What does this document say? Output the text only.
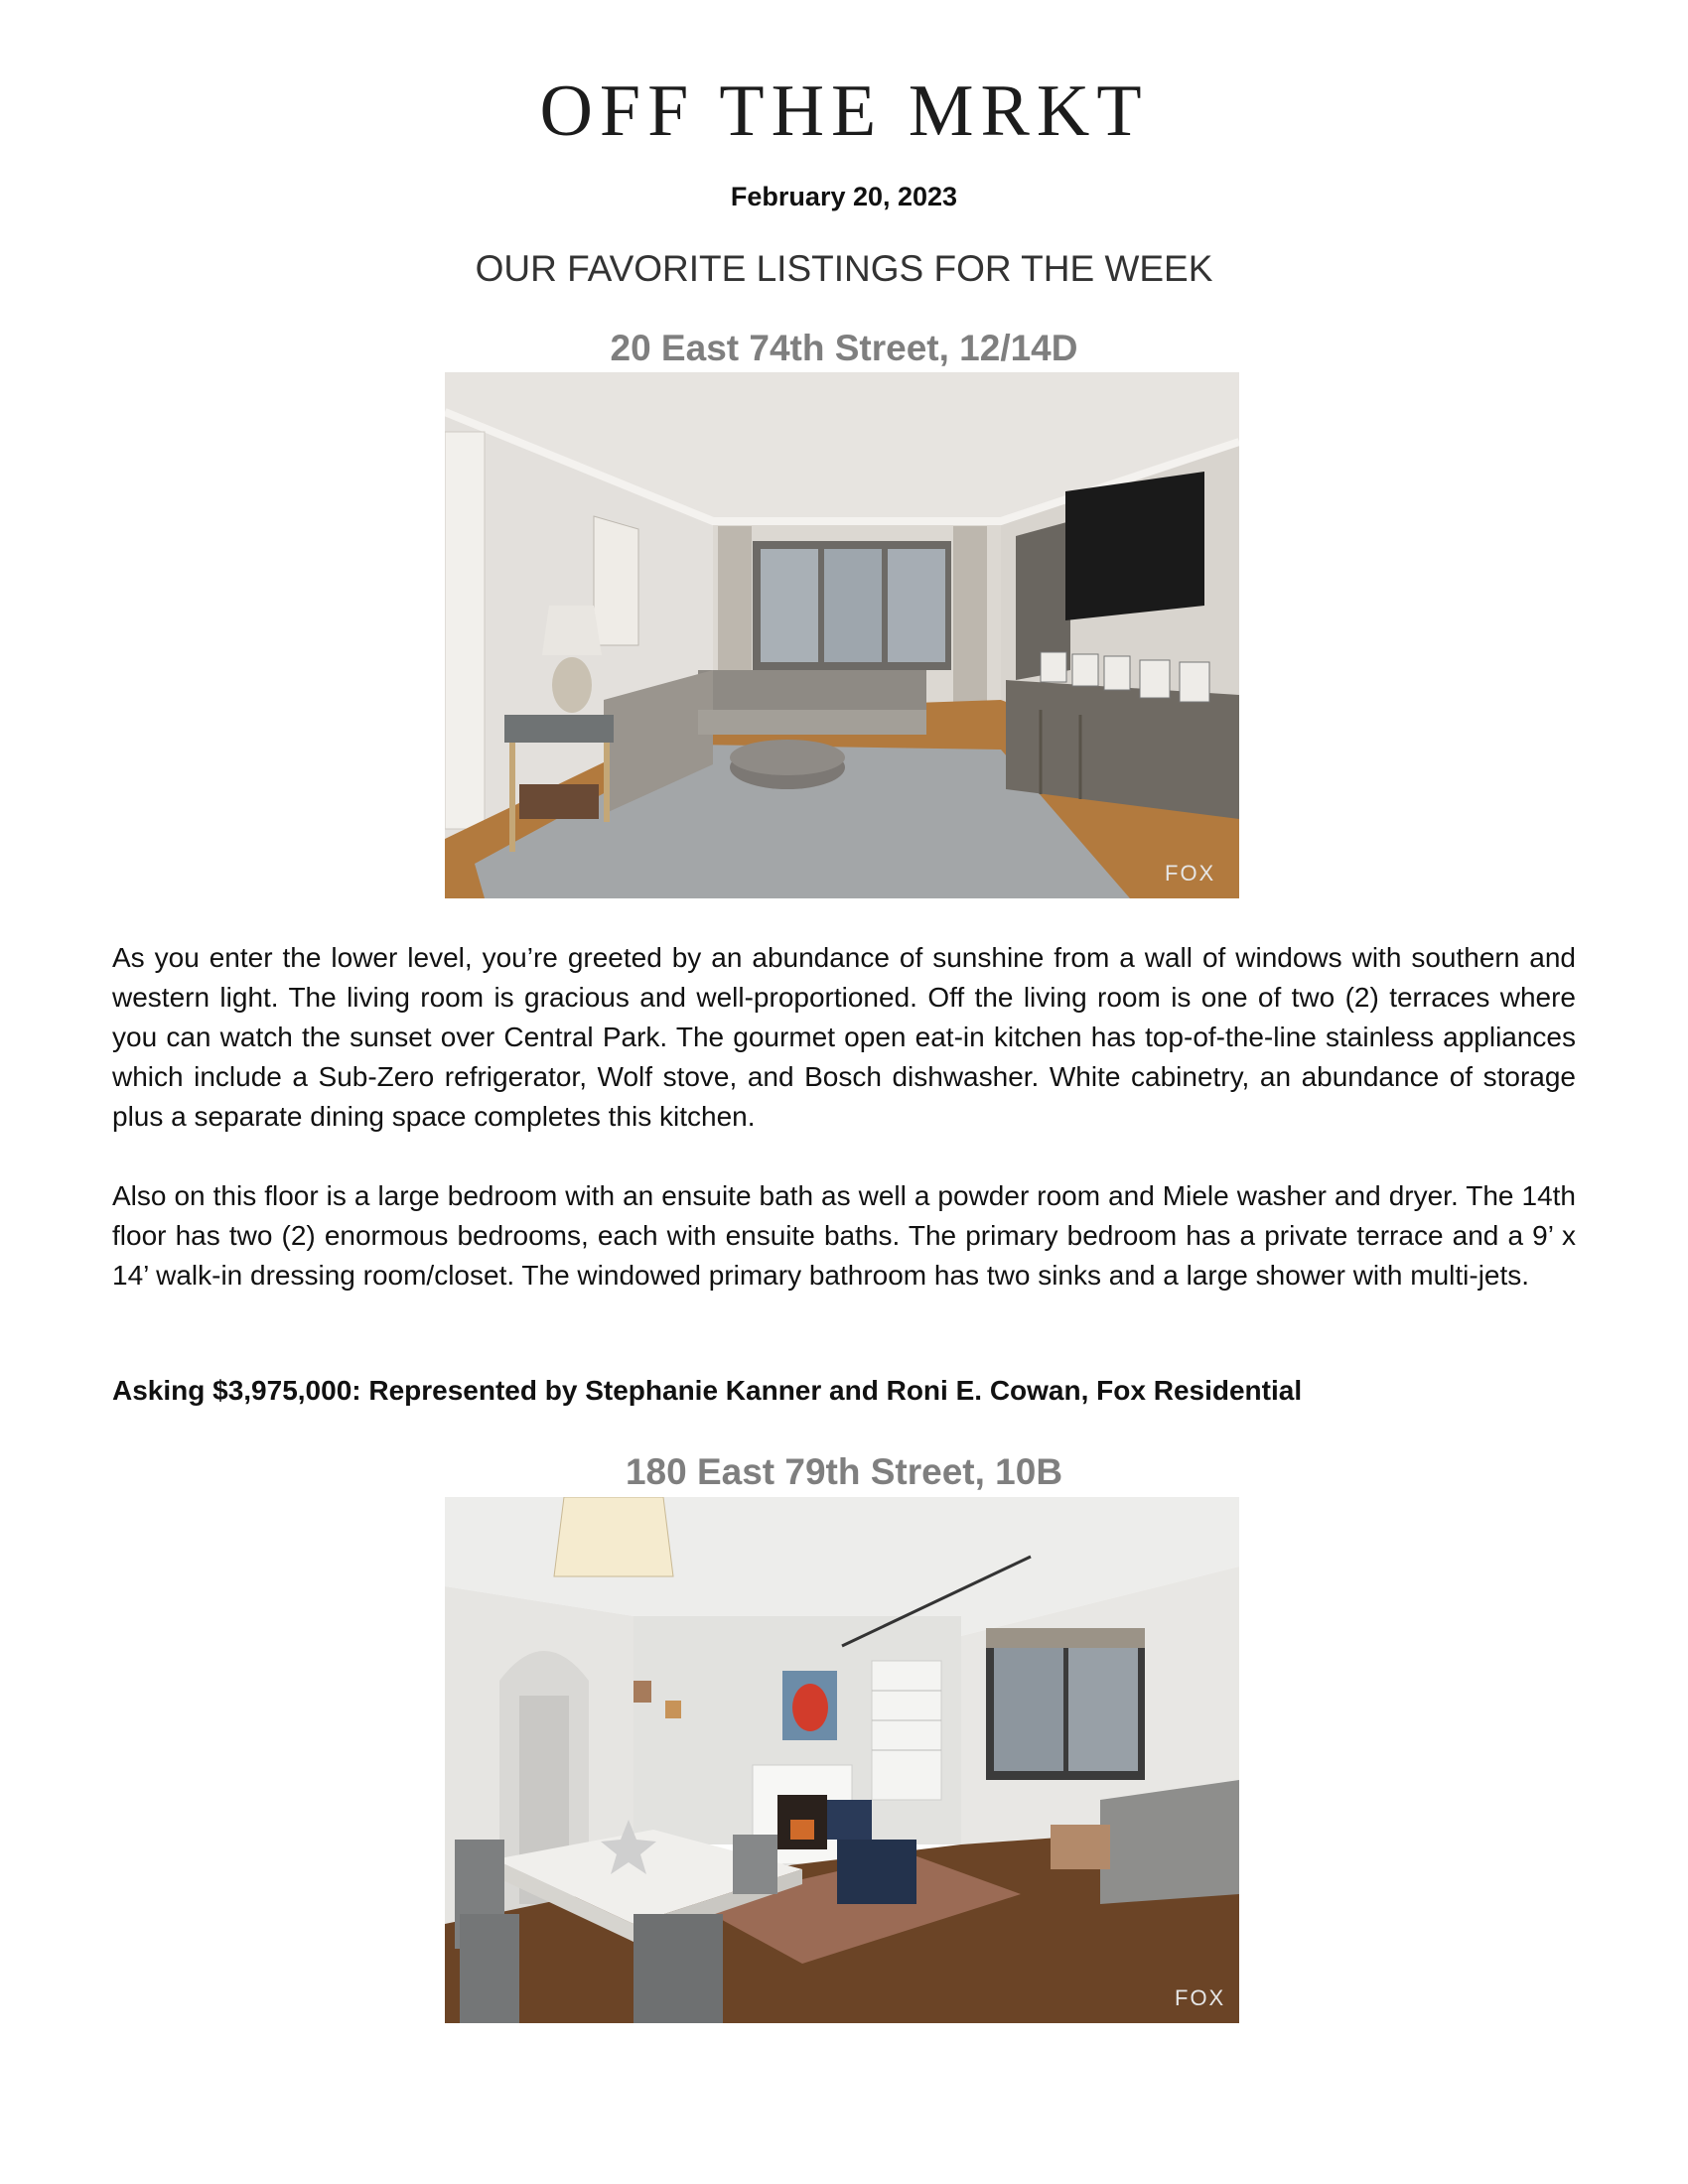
OFF THE MRKT
February 20, 2023
OUR FAVORITE LISTINGS FOR THE WEEK
20 East 74th Street, 12/14D
FOX
As you enter the lower level, you’re greeted by an abundance of sunshine from a wall of windows with southern and western light. The living room is gracious and well-proportioned. Off the living room is one of two (2) terraces where you can watch the sunset over Central Park. The gourmet open eat-in kitchen has top-of-the-line stainless appliances which include a Sub-Zero refrigerator, Wolf stove, and Bosch dishwasher. White cabinetry, an abundance of storage plus a separate dining space completes this kitchen.
Also on this floor is a large bedroom with an ensuite bath as well a powder room and Miele washer and dryer. The 14th floor has two (2) enormous bedrooms, each with ensuite baths. The primary bedroom has a private terrace and a 9’ x 14’ walk-in dressing room/closet. The windowed primary bathroom has two sinks and a large shower with multi-jets.
Asking $3,975,000: Represented by Stephanie Kanner and Roni E. Cowan, Fox Residential
180 East 79th Street, 10B
FOX
